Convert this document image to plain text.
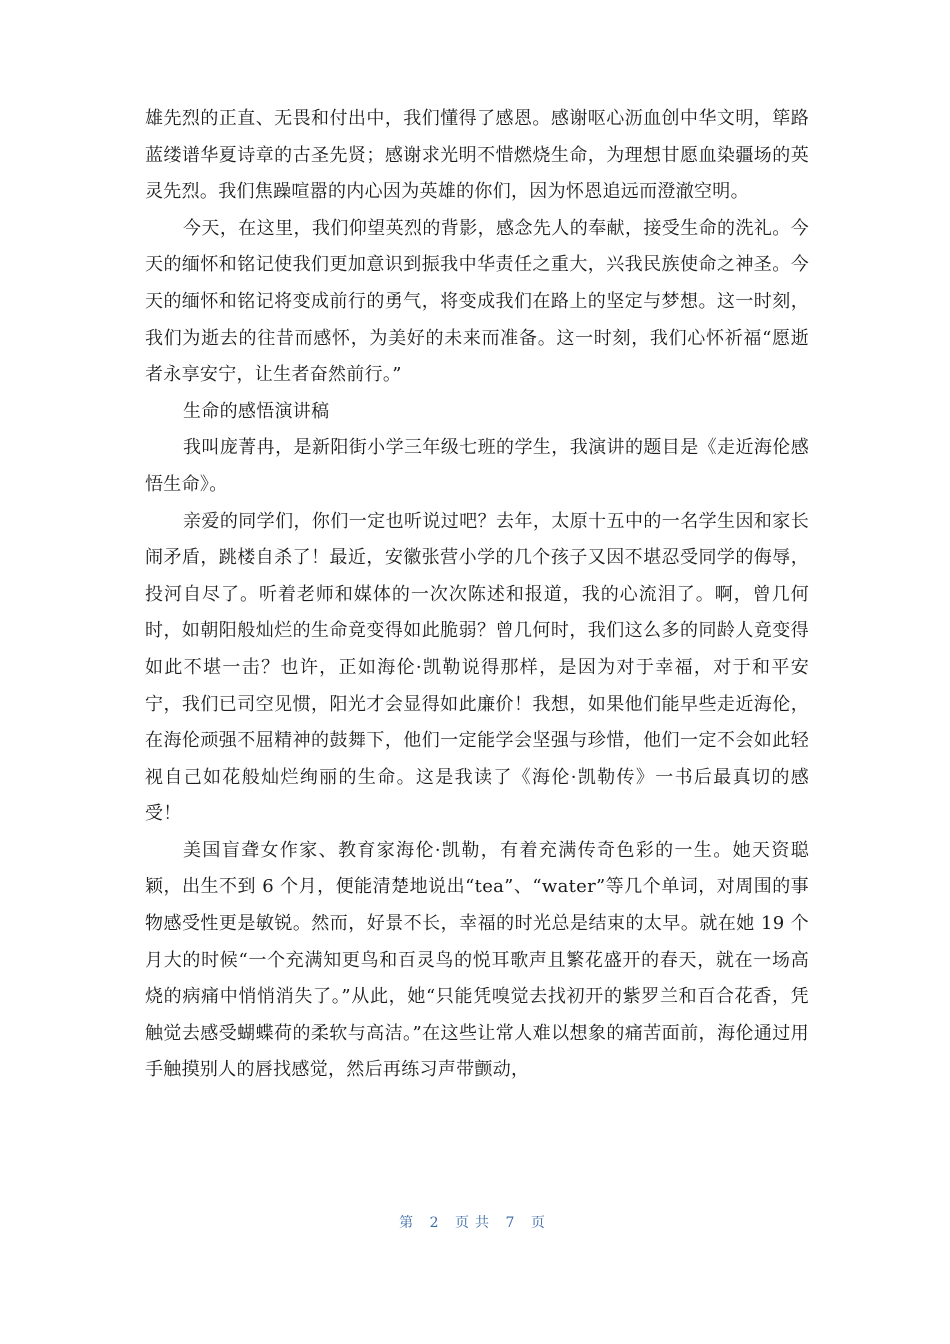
雄先烈的正直、无畏和付出中，我们懂得了感恩。感谢呕心沥血创中华文明，筚路蓝缕谱华夏诗章的古圣先贤；感谢求光明不惜燃烧生命，为理想甘愿血染疆场的英灵先烈。我们焦躁喧嚣的内心因为英雄的你们，因为怀恩追远而澄澈空明。

今天，在这里，我们仰望英烈的背影，感念先人的奉献，接受生命的洗礼。今天的缅怀和铭记使我们更加意识到振我中华责任之重大，兴我民族使命之神圣。今天的缅怀和铭记将变成前行的勇气，将变成我们在路上的坚定与梦想。这一时刻，我们为逝去的往昔而感怀，为美好的未来而准备。这一时刻，我们心怀祈福“愿逝者永享安宁，让生者奋然前行。”

生命的感悟演讲稿

我叫庞菁冉，是新阳街小学三年级七班的学生，我演讲的题目是《走近海伦感悟生命》。

亲爱的同学们，你们一定也听说过吧？去年，太原十五中的一名学生因和家长闹矛盾，跳楼自杀了！最近，安徽张营小学的几个孩子又因不堪忍受同学的侮辱，投河自尽了。听着老师和媒体的一次次陈述和报道，我的心流泪了。啊，曾几何时，如朝阳般灿烂的生命竟变得如此脆弱？曾几何时，我们这么多的同龄人竟变得如此不堪一击？也许，正如海伦·凯勒说得那样，是因为对于幸福，对于和平安宁，我们已司空见惯，阳光才会显得如此廉价！我想，如果他们能早些走近海伦，在海伦顽强不屈精神的鼓舞下，他们一定能学会坚强与珍惜，他们一定不会如此轻视自己如花般灿烂绚丽的生命。这是我读了《海伦·凯勒传》一书后最真切的感受！

美国盲聋女作家、教育家海伦·凯勒，有着充满传奇色彩的一生。她天资聪颖，出生不到 6 个月，便能清楚地说出“tea”、“water”等几个单词，对周围的事物感受性更是敏锐。然而，好景不长，幸福的时光总是结束的太早。就在她 19 个月大的时候“一个充满知更鸟和百灵鸟的悦耳歌声且繁花盛开的春天，就在一场高烧的病痛中悄悄消失了。”从此，她“只能凭嗅觉去找初开的紫罗兰和百合花香，凭触觉去感受蝴蝶荷的柔软与高洁。”在这些让常人难以想象的痛苦面前，海伦通过用手触摸别人的唇找感觉，然后再练习声带颤动，

第 2 页共 7 页
